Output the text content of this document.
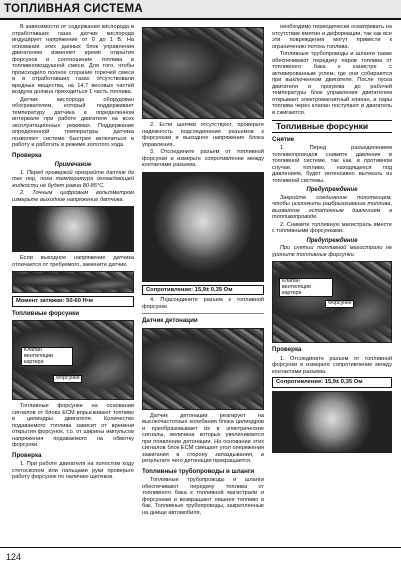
ТОПЛИВНАЯ СИСТЕМА

В зависимости от содержания кислорода в отработавших газах датчик кислорода индуцирует напряжение от 0 до 1 В. На основании этих данных блок управления двигателем изменяет время открытия форсунок и соотношение топлива в топливновоздушной смеси. Для того, чтобы происходило полное сгорание горючей смеси и в отработавших газах отсутствовали вредные вещества, на 14,7 весовых частей воздуха должна приходиться 1 часть топлива.

Датчик кислорода оборудован обогревателем, который поддерживает температуру датчика в определенном интервале при работе двигателя на всех эксплуатационных режимах. Поддержание определенной температуры датчика позволяет системе быстрее включиться в работу и работать в режиме золотого хода.

Проверка
Примечание

1. Перед проверкой прогрейте датчик до тех пор, пока температура охлаждающей жидкости не будет равна 80-85°C.

2. Точным цифровым вольтметром измерьте выходное напряжение датчика.

Если выходное напряжение датчика отличается от требуемого, замените датчик.

Момент затяжки: 50-60 Н•м
Топливные форсунки
Клапан вентиляции картера
Форсунки

Топливные форсунки на основании сигналов от блока ECM впрыскивают топливо в цилиндры двигателя. Количество подаваемого топлива зависит от времени открытия форсунок, т.о. от ширины импульсов напряжения подаваемого на обмотку форсунки.

Проверка

1. При работе двигателя на холостом ходу стетоскопом или пальцами руки проверьте работу форсунок по наличию щелчков.

2. Если щелчки отсутствуют, проверьте надежность подсоединения разъемов к форсункам и выходное напряжение блока управления.

3. Отсоедините разъем от топливной форсунки и измерьте сопротивление между контактами разъема.

Сопротивление: 15,9± 0,35 Ом

4. Подсоедините разъем к топливной форсунке.

Датчик детонации

Датчик детонации реагирует на высокочастотные колебания блока цилиндров и преобразовывает их в электрические сигналы, величина которых увеличивается при появлении детонации. На основании этих сигналов блок ECM смещает угол опережения зажигания в сторону запаздывания, в результате чего детонация прекращается.

Топливные трубопроводы и шланги

Топливные трубопроводы и шланги обеспечивают передачу топлива от топливного бака к топливной магистрали и форсункам и возвращают лишнее топливо в бак. Топливные трубопроводы, закрепленные на днище автомобиля,

необходимо периодически осматривать на отсутствие вмятин и деформации, так как все эти повреждения могут привести к ограничению потока топлива.

Топливные трубопроводы и шланги также обеспечивают передачу паров топлива от топливного бака к канистре с активированным углем, где они собираются при выключенном двигателе. После пуска двигателя и прогрева до рабочей температуры блок управления двигателем открывает электромагнитный клапан, и пары топлива через клапан поступают в двигатель и сжигаются.

Топливные форсунки
Снятие

1. Перед разъединением топливопроводов снимите давление в топливной системе, так как, в противном случае, топливо, находящееся под давлением, будет интенсивно вытекать из топливной системы.

Предупреждение

Закройте соединение полотенцем, чтобы исключить разбрызгивание топлива, вызванное остаточным давлением в топливопроводе.

2. Снимите топливную магистраль вместе с топливными форсунками.

Предупреждение

При снятии топливной магистрали не уроните топливные форсунки.

Клапан вентиляции картера
Форсунки
Проверка

1. Отсоедините разъем от топливной форсунки и измерьте сопротивление между контактами разъема.

Сопротивление: 15,9± 0,35 Ом
124
